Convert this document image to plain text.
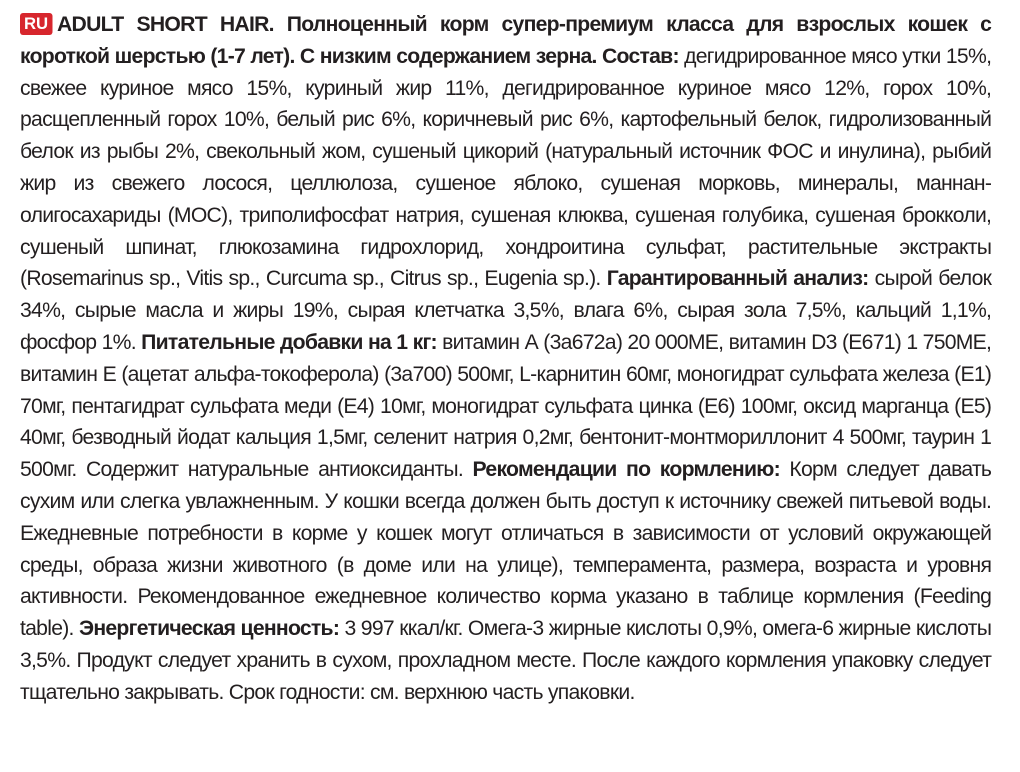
RU ADULT SHORT HAIR. Полноценный корм супер-премиум класса для взрослых кошек с короткой шерстью (1-7 лет). С низким содержанием зерна. Состав: дегидрированное мясо утки 15%, свежее куриное мясо 15%, куриный жир 11%, дегидрированное куриное мясо 12%, горох 10%, расщепленный горох 10%, белый рис 6%, коричневый рис 6%, картофельный белок, гидролизованный белок из рыбы 2%, свекольный жом, сушеный цикорий (натуральный источник ФОС и инулина), рыбий жир из свежего лосося, целлюлоза, сушеное яблоко, сушеная морковь, минералы, маннан-олигосахариды (МОС), триполифосфат натрия, сушеная клюква, сушеная голубика, сушеная брокколи, сушеный шпинат, глюкозамина гидрохлорид, хондроитина сульфат, растительные экстракты (Rosemarinus sp., Vitis sp., Curcuma sp., Citrus sp., Eugenia sp.). Гарантированный анализ: сырой белок 34%, сырые масла и жиры 19%, сырая клетчатка 3,5%, влага 6%, сырая зола 7,5%, кальций 1,1%, фосфор 1%. Питательные добавки на 1 кг: витамин А (3а672а) 20 000МЕ, витамин D3 (Е671) 1 750МЕ, витамин Е (ацетат альфа-токоферола) (3а700) 500мг, L-карнитин 60мг, моногидрат сульфата железа (Е1) 70мг, пентагидрат сульфата меди (Е4) 10мг, моногидрат сульфата цинка (Е6) 100мг, оксид марганца (Е5) 40мг, безводный йодат кальция 1,5мг, селенит натрия 0,2мг, бентонит-монтмориллонит 4 500мг, таурин 1 500мг. Содержит натуральные антиоксиданты. Рекомендации по кормлению: Корм следует давать сухим или слегка увлажненным. У кошки всегда должен быть доступ к источнику свежей питьевой воды. Ежедневные потребности в корме у кошек могут отличаться в зависимости от условий окружающей среды, образа жизни животного (в доме или на улице), темперамента, размера, возраста и уровня активности. Рекомендованное ежедневное количество корма указано в таблице кормления (Feeding table). Энергетическая ценность: 3 997 ккал/кг. Омега-3 жирные кислоты 0,9%, омега-6 жирные кислоты 3,5%. Продукт следует хранить в сухом, прохладном месте. После каждого кормления упаковку следует тщательно закрывать. Срок годности: см. верхнюю часть упаковки.
